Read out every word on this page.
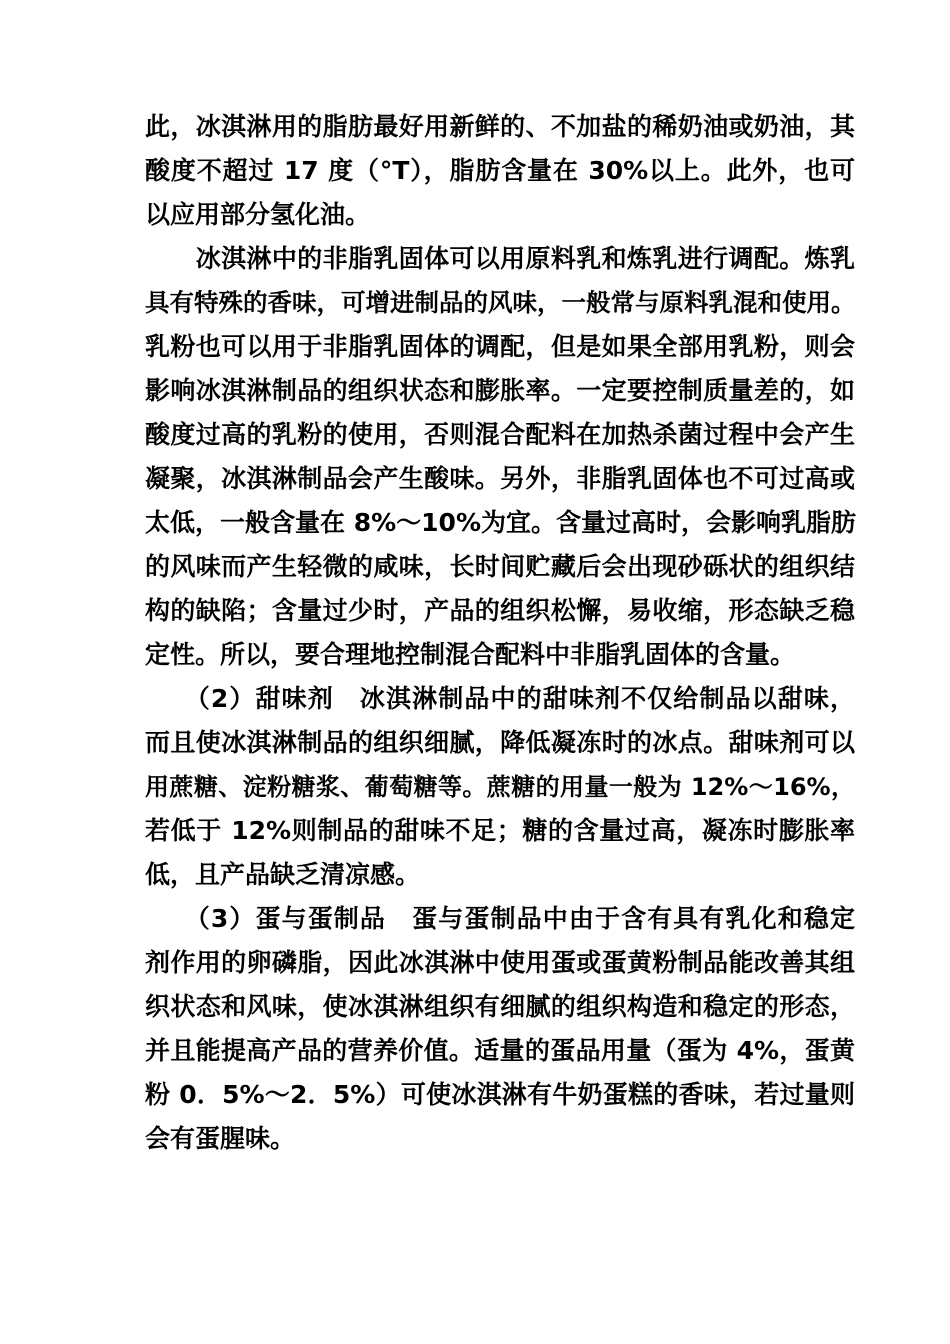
此，冰淇淋用的脂肪最好用新鲜的、不加盐的稀奶油或奶油，其

酸度不超过 17 度（°T），脂肪含量在 30%以上。此外，也可

以应用部分氢化油。

　　冰淇淋中的非脂乳固体可以用原料乳和炼乳进行调配。炼乳

具有特殊的香味，可增进制品的风味，一般常与原料乳混和使用。

乳粉也可以用于非脂乳固体的调配，但是如果全部用乳粉，则会

影响冰淇淋制品的组织状态和膨胀率。一定要控制质量差的，如

酸度过高的乳粉的使用，否则混合配料在加热杀菌过程中会产生

凝聚，冰淇淋制品会产生酸味。另外，非脂乳固体也不可过高或

太低，一般含量在 8%～10%为宜。含量过高时，会影响乳脂肪

的风味而产生轻微的咸味，长时间贮藏后会出现砂砾状的组织结

构的缺陷；含量过少时，产品的组织松懈，易收缩，形态缺乏稳

定性。所以，要合理地控制混合配料中非脂乳固体的含量。

　　（2）甜味剂　冰淇淋制品中的甜味剂不仅给制品以甜味，

而且使冰淇淋制品的组织细腻，降低凝冻时的冰点。甜味剂可以

用蔗糖、淀粉糖浆、葡萄糖等。蔗糖的用量一般为 12%～16%，

若低于 12%则制品的甜味不足；糖的含量过高，凝冻时膨胀率

低，且产品缺乏清凉感。

　　（3）蛋与蛋制品　蛋与蛋制品中由于含有具有乳化和稳定

剂作用的卵磷脂，因此冰淇淋中使用蛋或蛋黄粉制品能改善其组

织状态和风味，使冰淇淋组织有细腻的组织构造和稳定的形态，

并且能提高产品的营养价值。适量的蛋品用量（蛋为 4%，蛋黄

粉 0．5%～2．5%）可使冰淇淋有牛奶蛋糕的香味，若过量则

会有蛋腥味。
